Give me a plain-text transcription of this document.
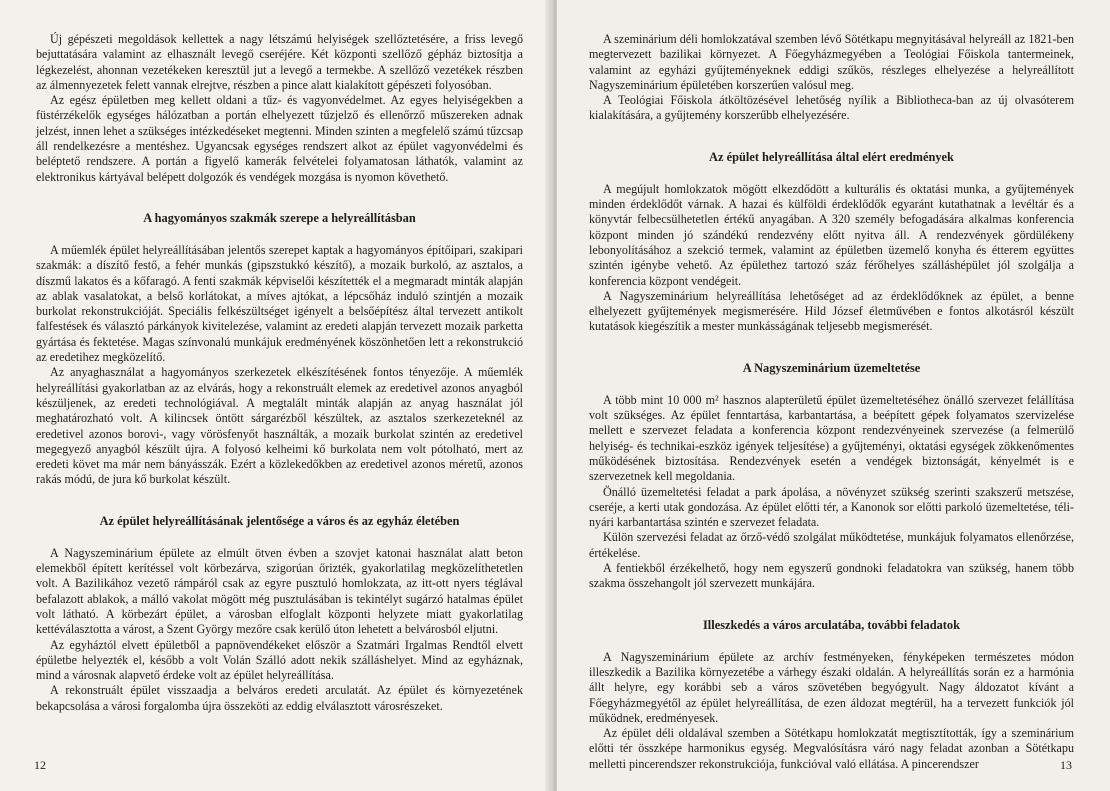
Új gépészeti megoldások kellettek a nagy létszámú helyiségek szellőztetésére, a friss levegő bejuttatására valamint az elhasznált levegő cseréjére. Két központi szellőző gépház biztosítja a légkezelést, ahonnan vezetékeken keresztül jut a levegő a termekbe. A szellőző vezetékek részben az álmennyezetek felett vannak elrejtve, részben a pince alatt kialakított gépészeti folyosóban.

Az egész épületben meg kellett oldani a tűz- és vagyonvédelmet. Az egyes helyiségekben a füstérzékelők egységes hálózatban a portán elhelyezett tűzjelző és ellenőrző műszereken adnak jelzést, innen lehet a szükséges intézkedéseket megtenni. Minden szinten a megfelelő számú tűzcsap áll rendelkezésre a mentéshez. Ugyancsak egységes rendszert alkot az épület vagyonvédelmi és beléptető rendszere. A portán a figyelő kamerák felvételei folyamatosan láthatók, valamint az elektronikus kártyával belépett dolgozók és vendégek mozgása is nyomon követhető.

A hagyományos szakmák szerepe a helyreállításban

A műemlék épület helyreállításában jelentős szerepet kaptak a hagyományos építőipari, szakipari szakmák: a díszítő festő, a fehér munkás (gipszstukkó készítő), a mozaik burkoló, az asztalos, a díszmű lakatos és a kőfaragó. A fenti szakmák képviselői készítették el a megmaradt minták alapján az ablak vasalatokat, a belső korlátokat, a míves ajtókat, a lépcsőház induló szintjén a mozaik burkolat rekonstrukcióját. Speciális felkészültséget igényelt a belsőépítész által tervezett antikolt falfestések és választó párkányok kivitelezése, valamint az eredeti alapján tervezett mozaik parketta gyártása és fektetése. Magas színvonalú munkájuk eredményének köszönhetően lett a rekonstrukció az eredetihez megközelítő.

Az anyaghasználat a hagyományos szerkezetek elkészítésének fontos tényezője. A műemlék helyreállítási gyakorlatban az az elvárás, hogy a rekonstruált elemek az eredetivel azonos anyagból készüljenek, az eredeti technológiával. A megtalált minták alapján az anyag használat jól meghatározható volt. A kilincsek öntött sárgarézből készültek, az asztalos szerkezeteknél az eredetivel azonos borovi-, vagy vörösfenyőt használták, a mozaik burkolat szintén az eredetivel megegyező anyagból készült újra. A folyosó kelheimi kő burkolata nem volt pótolható, mert az eredeti követ ma már nem bányásszák. Ezért a közlekedőkben az eredetivel azonos méretű, azonos rakás módú, de jura kő burkolat készült.

Az épület helyreállításának jelentősége a város és az egyház életében

A Nagyszeminárium épülete az elmúlt ötven évben a szovjet katonai használat alatt beton elemekből épített kerítéssel volt körbezárva, szigorúan őrizték, gyakorlatilag megközelíthetetlen volt. A Bazilikához vezető rámpáról csak az egyre pusztuló homlokzata, az itt-ott nyers téglával befalazott ablakok, a málló vakolat mögött még pusztulásában is tekintélyt sugárzó hatalmas épület volt látható. A körbezárt épület, a városban elfoglalt központi helyzete miatt gyakorlatilag kettéválasztotta a várost, a Szent György mezőre csak kerülő úton lehetett a belvárosból eljutni.

Az egyháztól elvett épületből a papnövendékeket először a Szatmári Irgalmas Rendtől elvett épületbe helyezték el, később a volt Volán Szálló adott nekik szálláshelyet. Mind az egyháznak, mind a városnak alapvető érdeke volt az épület helyreállítása.

A rekonstruált épület visszaadja a belváros eredeti arculatát. Az épület és környezetének bekapcsolása a városi forgalomba újra összeköti az eddig elválasztott városrészeket.

12

A szeminárium déli homlokzatával szemben lévő Sötétkapu megnyitásával helyreáll az 1821-ben megtervezett bazilikai környezet. A Főegyházmegyében a Teológiai Főiskola tantermeinek, valamint az egyházi gyűjteményeknek eddigi szűkös, részleges elhelyezése a helyreállított Nagyszeminárium épületében korszerűen valósul meg.

A Teológiai Főiskola átköltözésével lehetőség nyílik a Bibliotheca-ban az új olvasóterem kialakítására, a gyűjtemény korszerűbb elhelyezésére.

Az épület helyreállítása által elért eredmények

A megújult homlokzatok mögött elkezdődött a kulturális és oktatási munka, a gyűjtemények minden érdeklődőt várnak. A hazai és külföldi érdeklődők egyaránt kutathatnak a levéltár és a könyvtár felbecsülhetetlen értékű anyagában. A 320 személy befogadására alkalmas konferencia központ minden jó szándékú rendezvény előtt nyitva áll. A rendezvények gördülékeny lebonyolításához a szekció termek, valamint az épületben üzemelő konyha és étterem együttes szintén igénybe vehető. Az épülethez tartozó száz férőhelyes szálláshépület jól szolgálja a konferencia központ vendégeit.

A Nagyszeminárium helyreállítása lehetőséget ad az érdeklődőknek az épület, a benne elhelyezett gyűjtemények megismerésére. Hild József életművében e fontos alkotásról készült kutatások kiegészítik a mester munkásságának teljesebb megismerését.

A Nagyszeminárium üzemeltetése

A több mint 10 000 m² hasznos alapterületű épület üzemeltetéséhez önálló szervezet felállítása volt szükséges. Az épület fenntartása, karbantartása, a beépített gépek folyamatos szervizelése mellett e szervezet feladata a konferencia központ rendezvényeinek szervezése (a felmerülő helyiség- és technikai-eszköz igények teljesítése) a gyűjteményi, oktatási egységek zökkenőmentes működésének biztosítása. Rendezvények esetén a vendégek biztonságát, kényelmét is e szervezetnek kell megoldania.

Önálló üzemeltetési feladat a park ápolása, a növényzet szükség szerinti szakszerű metszése, cseréje, a kerti utak gondozása. Az épület előtti tér, a Kanonok sor előtti parkoló üzemeltetése, téli-nyári karbantartása szintén e szervezet feladata.

Külön szervezési feladat az őrző-védő szolgálat működtetése, munkájuk folyamatos ellenőrzése, értékelése.

A fentiekből érzékelhető, hogy nem egyszerű gondnoki feladatokra van szükség, hanem több szakma összehangolt jól szervezett munkájára.

Illeszkedés a város arculatába, további feladatok

A Nagyszeminárium épülete az archív festményeken, fényképeken természetes módon illeszkedik a Bazilika környezetébe a várhegy északi oldalán. A helyreállítás során ez a harmónia állt helyre, egy korábbi seb a város szövetében begyógyult. Nagy áldozatot kívánt a Főegyházmegyétől az épület helyreállítása, de ezen áldozat megtérül, ha a tervezett funkciók jól működnek, eredményesek.

Az épület déli oldalával szemben a Sötétkapu homlokzatát megtisztították, így a szeminárium előtti tér összképe harmonikus egység. Megvalósításra váró nagy feladat azonban a Sötétkapu melletti pincerendszer rekonstrukciója, funkcióval való ellátása. A pincerendszer	13
